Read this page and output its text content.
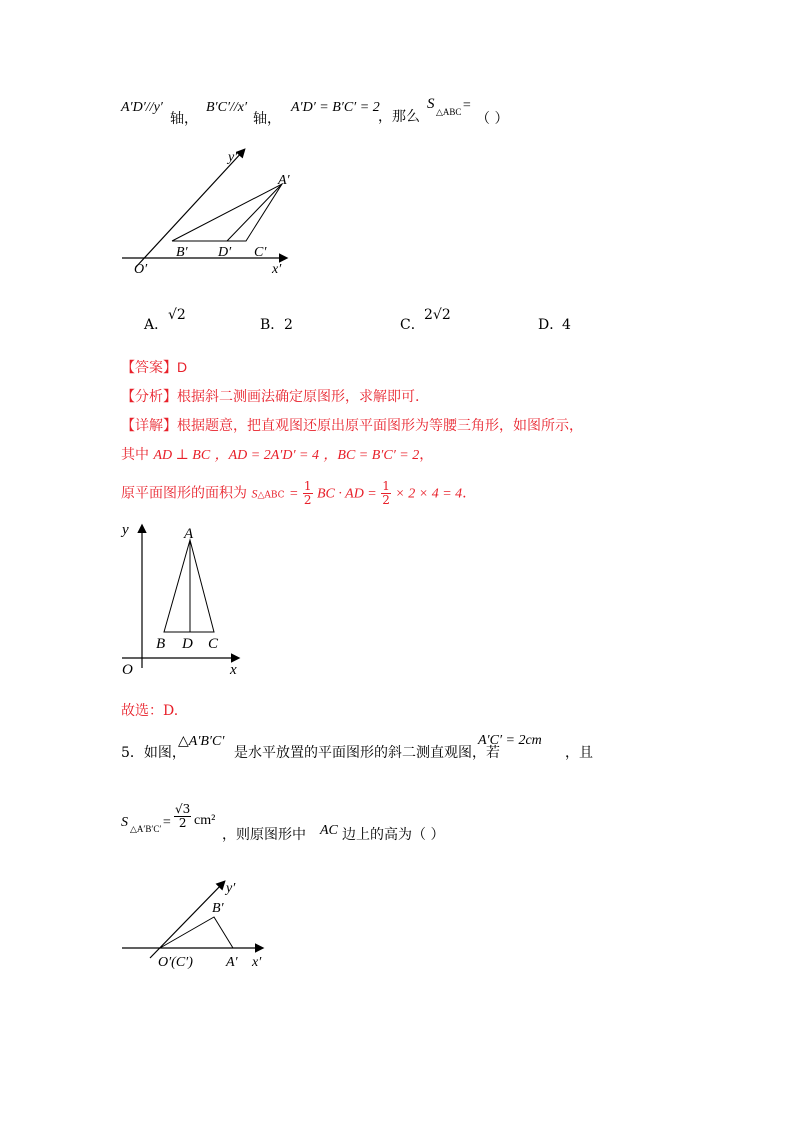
A′D′//y′
轴，
B′C′//x′
轴，
A′D′ = B′C′ = 2
，那么
S △ABC =
（ ）
y′
A′
B′ D′ C′
O′	x′
A．
√2
B． 2	C．
2√2
D．
4
【答案】D
【分析】根据斜二测画法确定原图形，求解即可.
【详解】根据题意，把直观图还原出原平面图形为等腰三角形，如图所示，
其中 AD ⊥ BC ，AD = 2A′D′ = 4 ，BC = B′C′ = 2，
原平面图形的面积为 S△ABC = $\frac{1}{2}$ BC · AD = $\frac{1}{2} \times 2 \times 4 = 4$.
y	A
B D C
O	x
故选：D.
5．如图，
△A′B′C′
是水平放置的平面图形的斜二测直观图，若
A′C′ = 2cm
，且
S △A′B′C′ = $\frac{√3}{2} cm^2$
，则原图形中 AC 边上的高为（ ）
y′
B′
O′(C′) A′ x′
